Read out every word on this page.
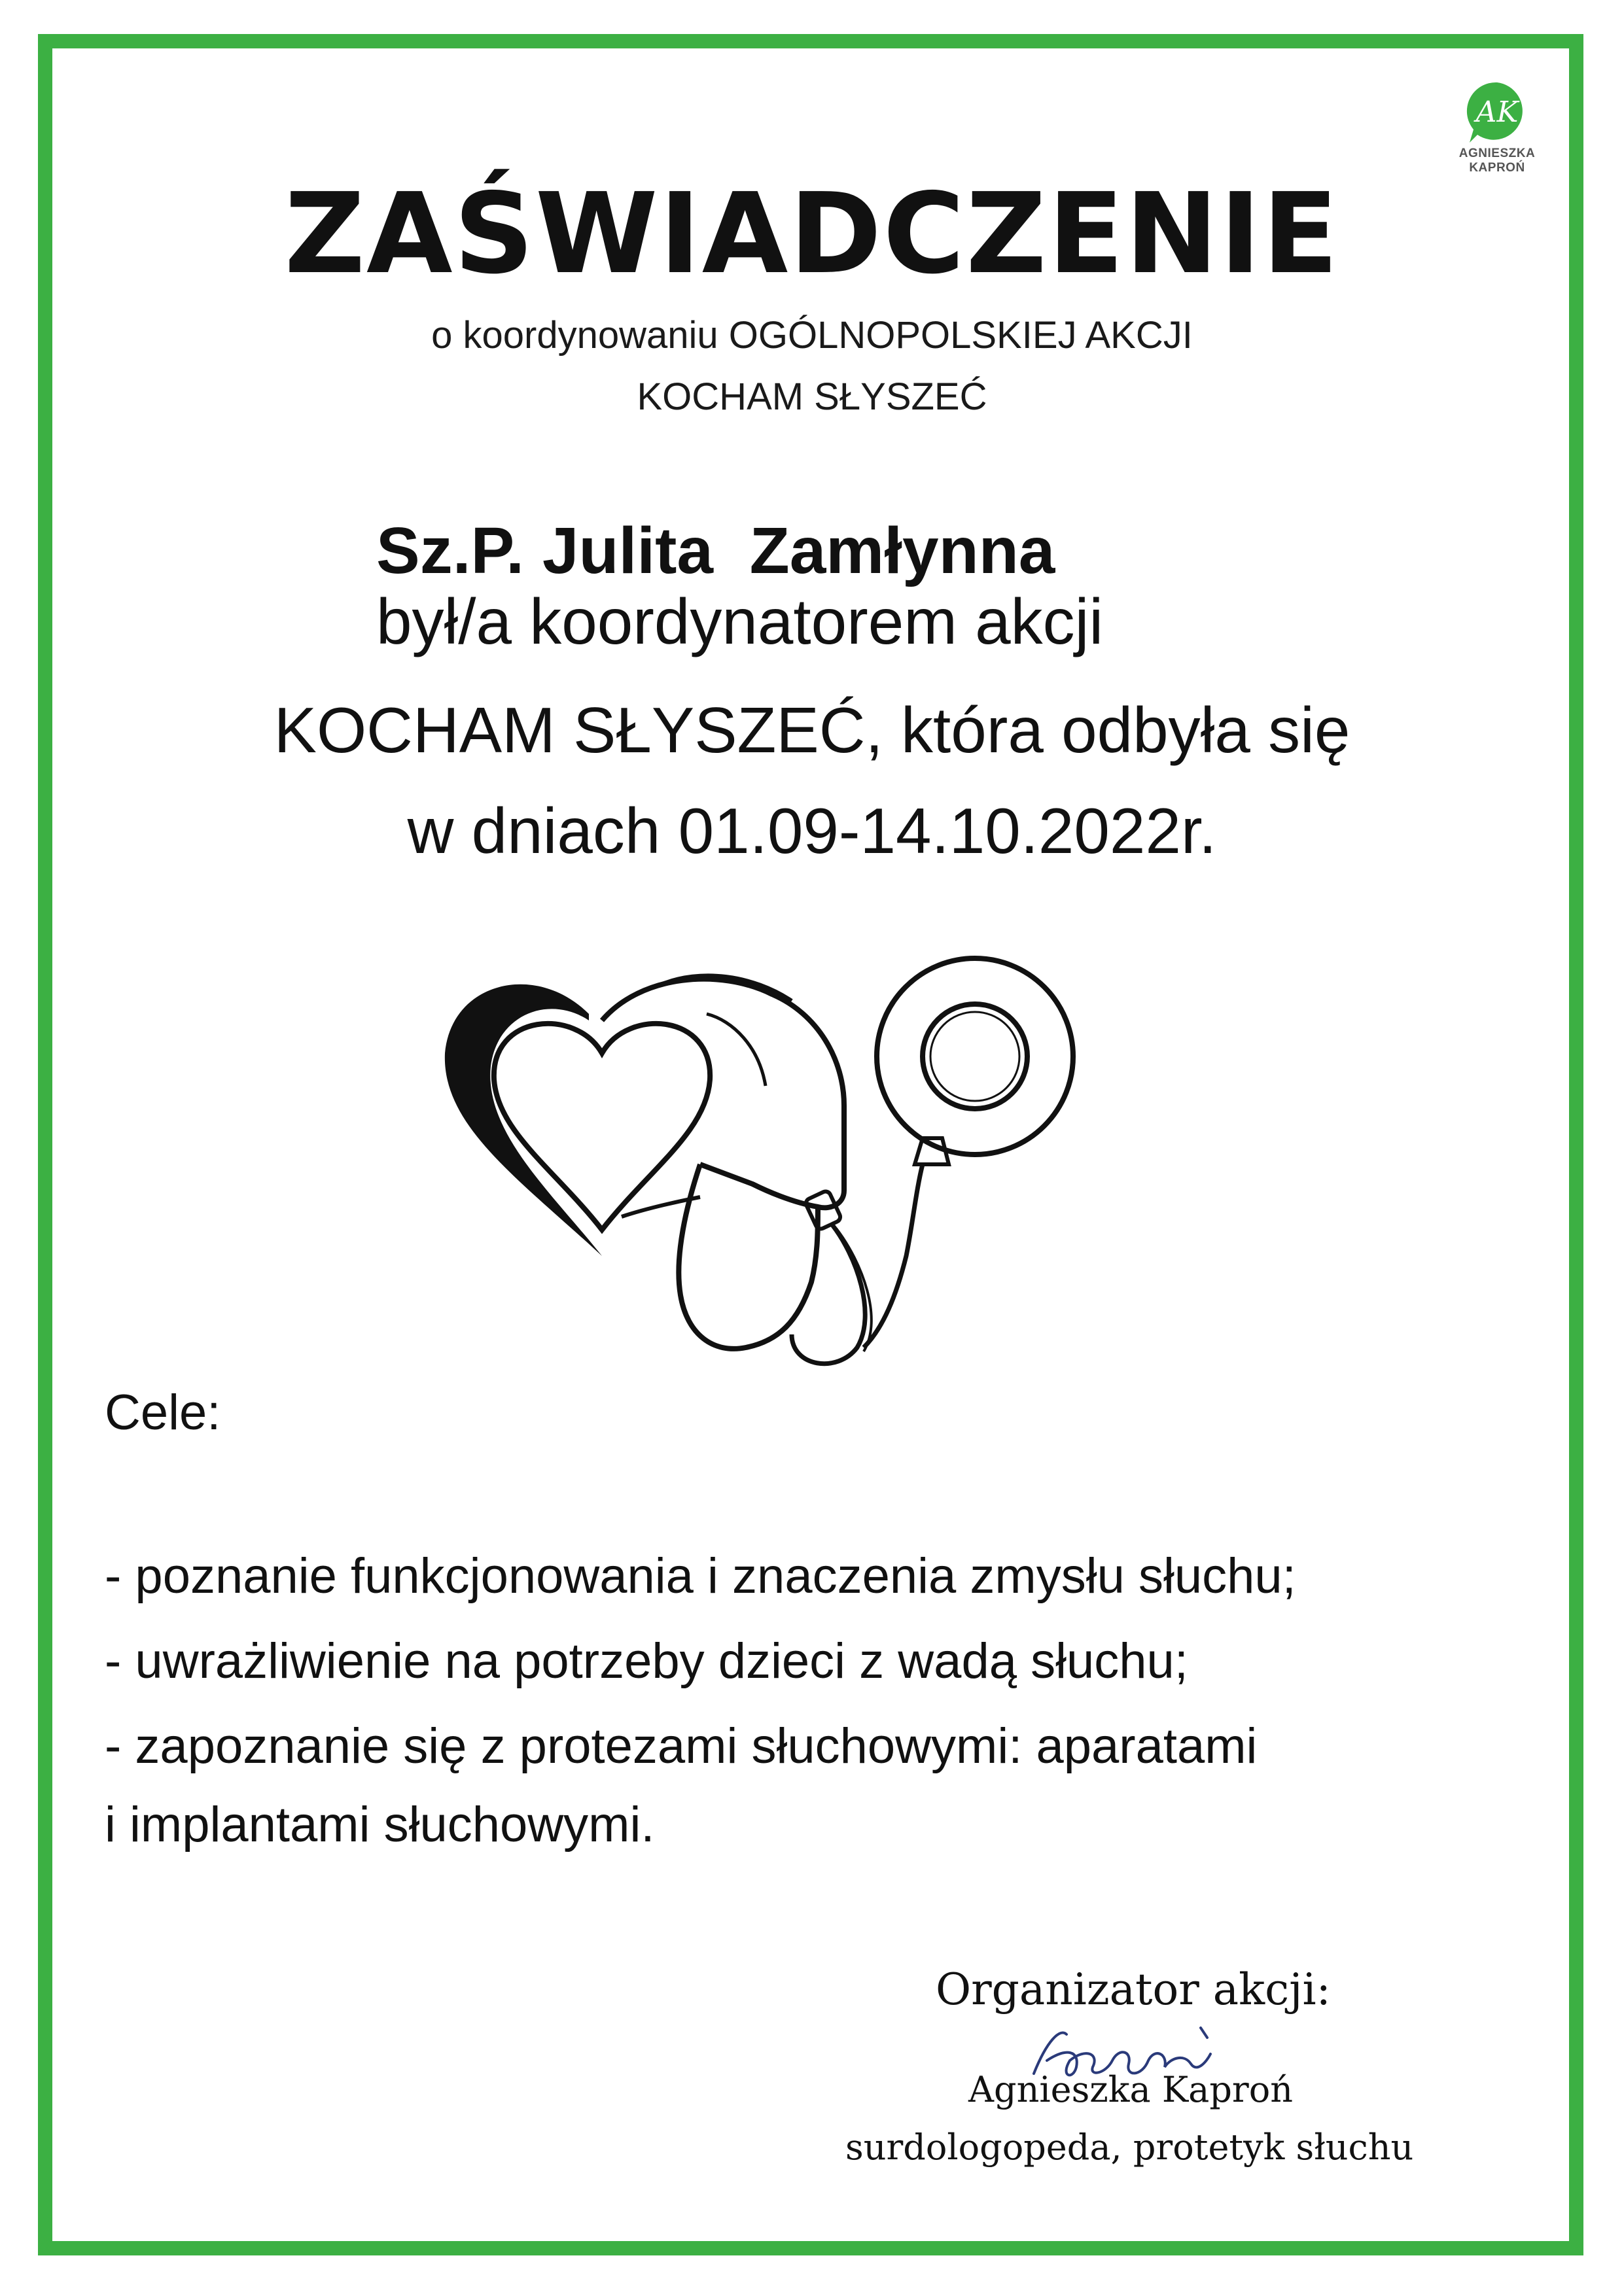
AK
AGNIESZKA
KAPROŃ
ZAŚWIADCZENIE
o koordynowaniu OGÓLNOPOLSKIEJ AKCJI
KOCHAM SŁYSZEĆ
Sz.P. Julita  Zamłynna
był/a koordynatorem akcji
KOCHAM SŁYSZEĆ, która odbyła się
w dniach 01.09-14.10.2022r.
Cele:
- poznanie funkcjonowania i znaczenia zmysłu słuchu;
- uwrażliwienie na potrzeby dzieci z wadą słuchu;
- zapoznanie się z protezami słuchowymi: aparatami
i implantami słuchowymi.
Organizator akcji:
Agnieszka Kaproń
surdologopeda, protetyk słuchu
